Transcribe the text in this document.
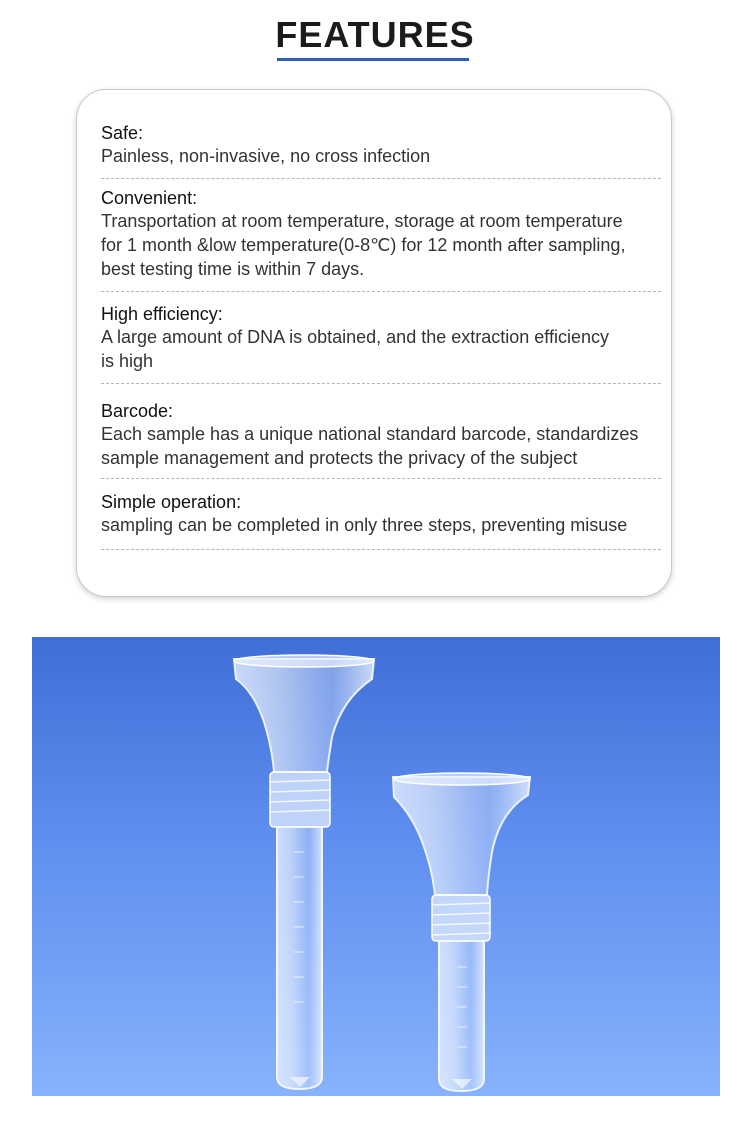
FEATURES
Safe:
Painless, non-invasive, no cross infection
Convenient:
Transportation at room temperature, storage at room temperature
for 1 month &low temperature(0-8℃) for 12 month after sampling,
best testing time is within 7 days.
High efficiency:
A large amount of DNA is obtained, and the extraction efficiency
is high
Barcode:
Each sample has a unique national standard barcode, standardizes
sample management and protects the privacy of the subject
Simple operation:
sampling can be completed in only three steps, preventing misuse
